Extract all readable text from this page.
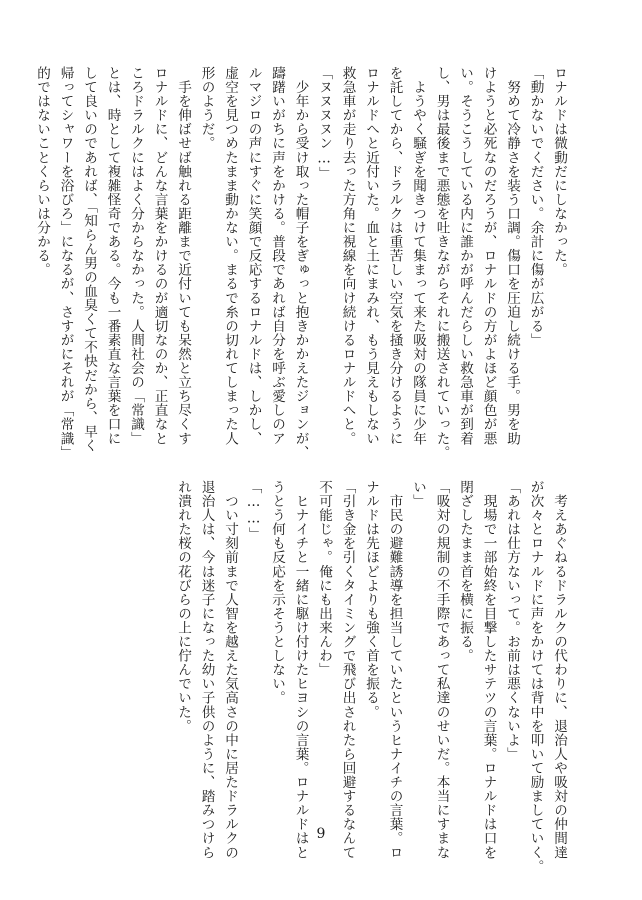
ロナルドは微動だにしなかった。

「動かないでください。余計に傷が広がる」

　努めて冷静さを装う口調。傷口を圧迫し続ける手。男を助

けようと必死なのだろうが、ロナルドの方がよほど顔色が悪

い。そうこうしている内に誰かが呼んだらしい救急車が到着

し、男は最後まで悪態を吐きながらそれに搬送されていった。

　ようやく騒ぎを聞きつけて集まって来た吸対の隊員に少年

を託してから、ドラルクは重苦しい空気を掻き分けるように

ロナルドへと近付いた。血と土にまみれ、もう見えもしない

救急車が走り去った方角に視線を向け続けるロナルドへと。

「ヌヌヌヌン…」

　少年から受け取った帽子をぎゅっと抱きかかえたジョンが、

躊躇いがちに声をかける。普段であれば自分を呼ぶ愛しのア

ルマジロの声にすぐに笑顔で反応するロナルドは、しかし、

虚空を見つめたまま動かない。まるで糸の切れてしまった人

形のようだ。

　手を伸ばせば触れる距離まで近付いても呆然と立ち尽くす

ロナルドに、どんな言葉をかけるのが適切なのか、正直なと

ころドラルクにはよく分からなかった。人間社会の「常識」

とは、時として複雑怪奇である。今も一番素直な言葉を口に

して良いのであれば、「知らん男の血臭くて不快だから、早く

帰ってシャワーを浴びろ」になるが、さすがにそれが「常識」

的ではないことくらいは分かる。

　考えあぐねるドラルクの代わりに、退治人や吸対の仲間達

が次々とロナルドに声をかけては背中を叩いて励ましていく。

「あれは仕方ないって。お前は悪くないよ」

　現場で一部始終を目撃したサテツの言葉。ロナルドは口を

閉ざしたまま首を横に振る。

「吸対の規制の不手際であって私達のせいだ。本当にすまな

い」

　市民の避難誘導を担当していたというヒナイチの言葉。ロ

ナルドは先ほどよりも強く首を振る。

「引き金を引くタイミングで飛び出されたら回避するなんて

不可能じゃ。俺にも出来んわ」

　ヒナイチと一緒に駆け付けたヒヨシの言葉。ロナルドはと

うとう何も反応を示そうとしない。

「……」

　つい寸刻前まで人智を越えた気高さの中に居たドラルクの

退治人は、今は迷子になった幼い子供のように、踏みつけら

れ潰れた桜の花びらの上に佇んでいた。

9
